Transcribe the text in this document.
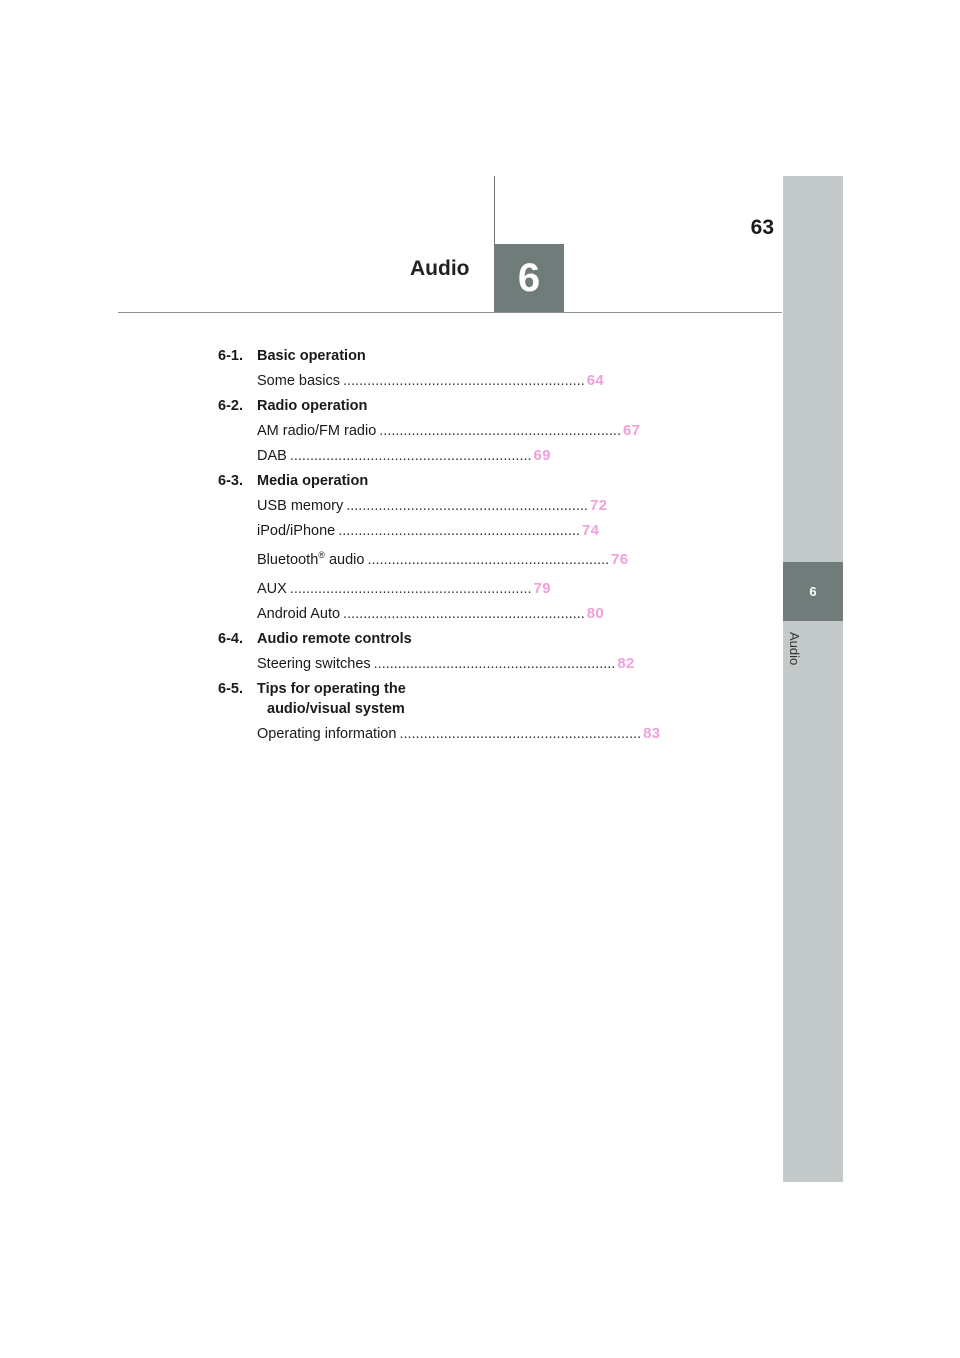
63
Audio	6
6
Audio
6-1. Basic operation
Some basics ............................................................ 64
6-2. Radio operation
AM radio/FM radio ............................................................ 67
DAB ............................................................ 69
6-3. Media operation
USB memory ............................................................ 72
iPod/iPhone ............................................................ 74
Bluetooth® audio ............................................................ 76
AUX ............................................................ 79
Android Auto ............................................................ 80
6-4. Audio remote controls
Steering switches ............................................................ 82
6-5. Tips for operating the
audio/visual system
Operating information ............................................................ 83
